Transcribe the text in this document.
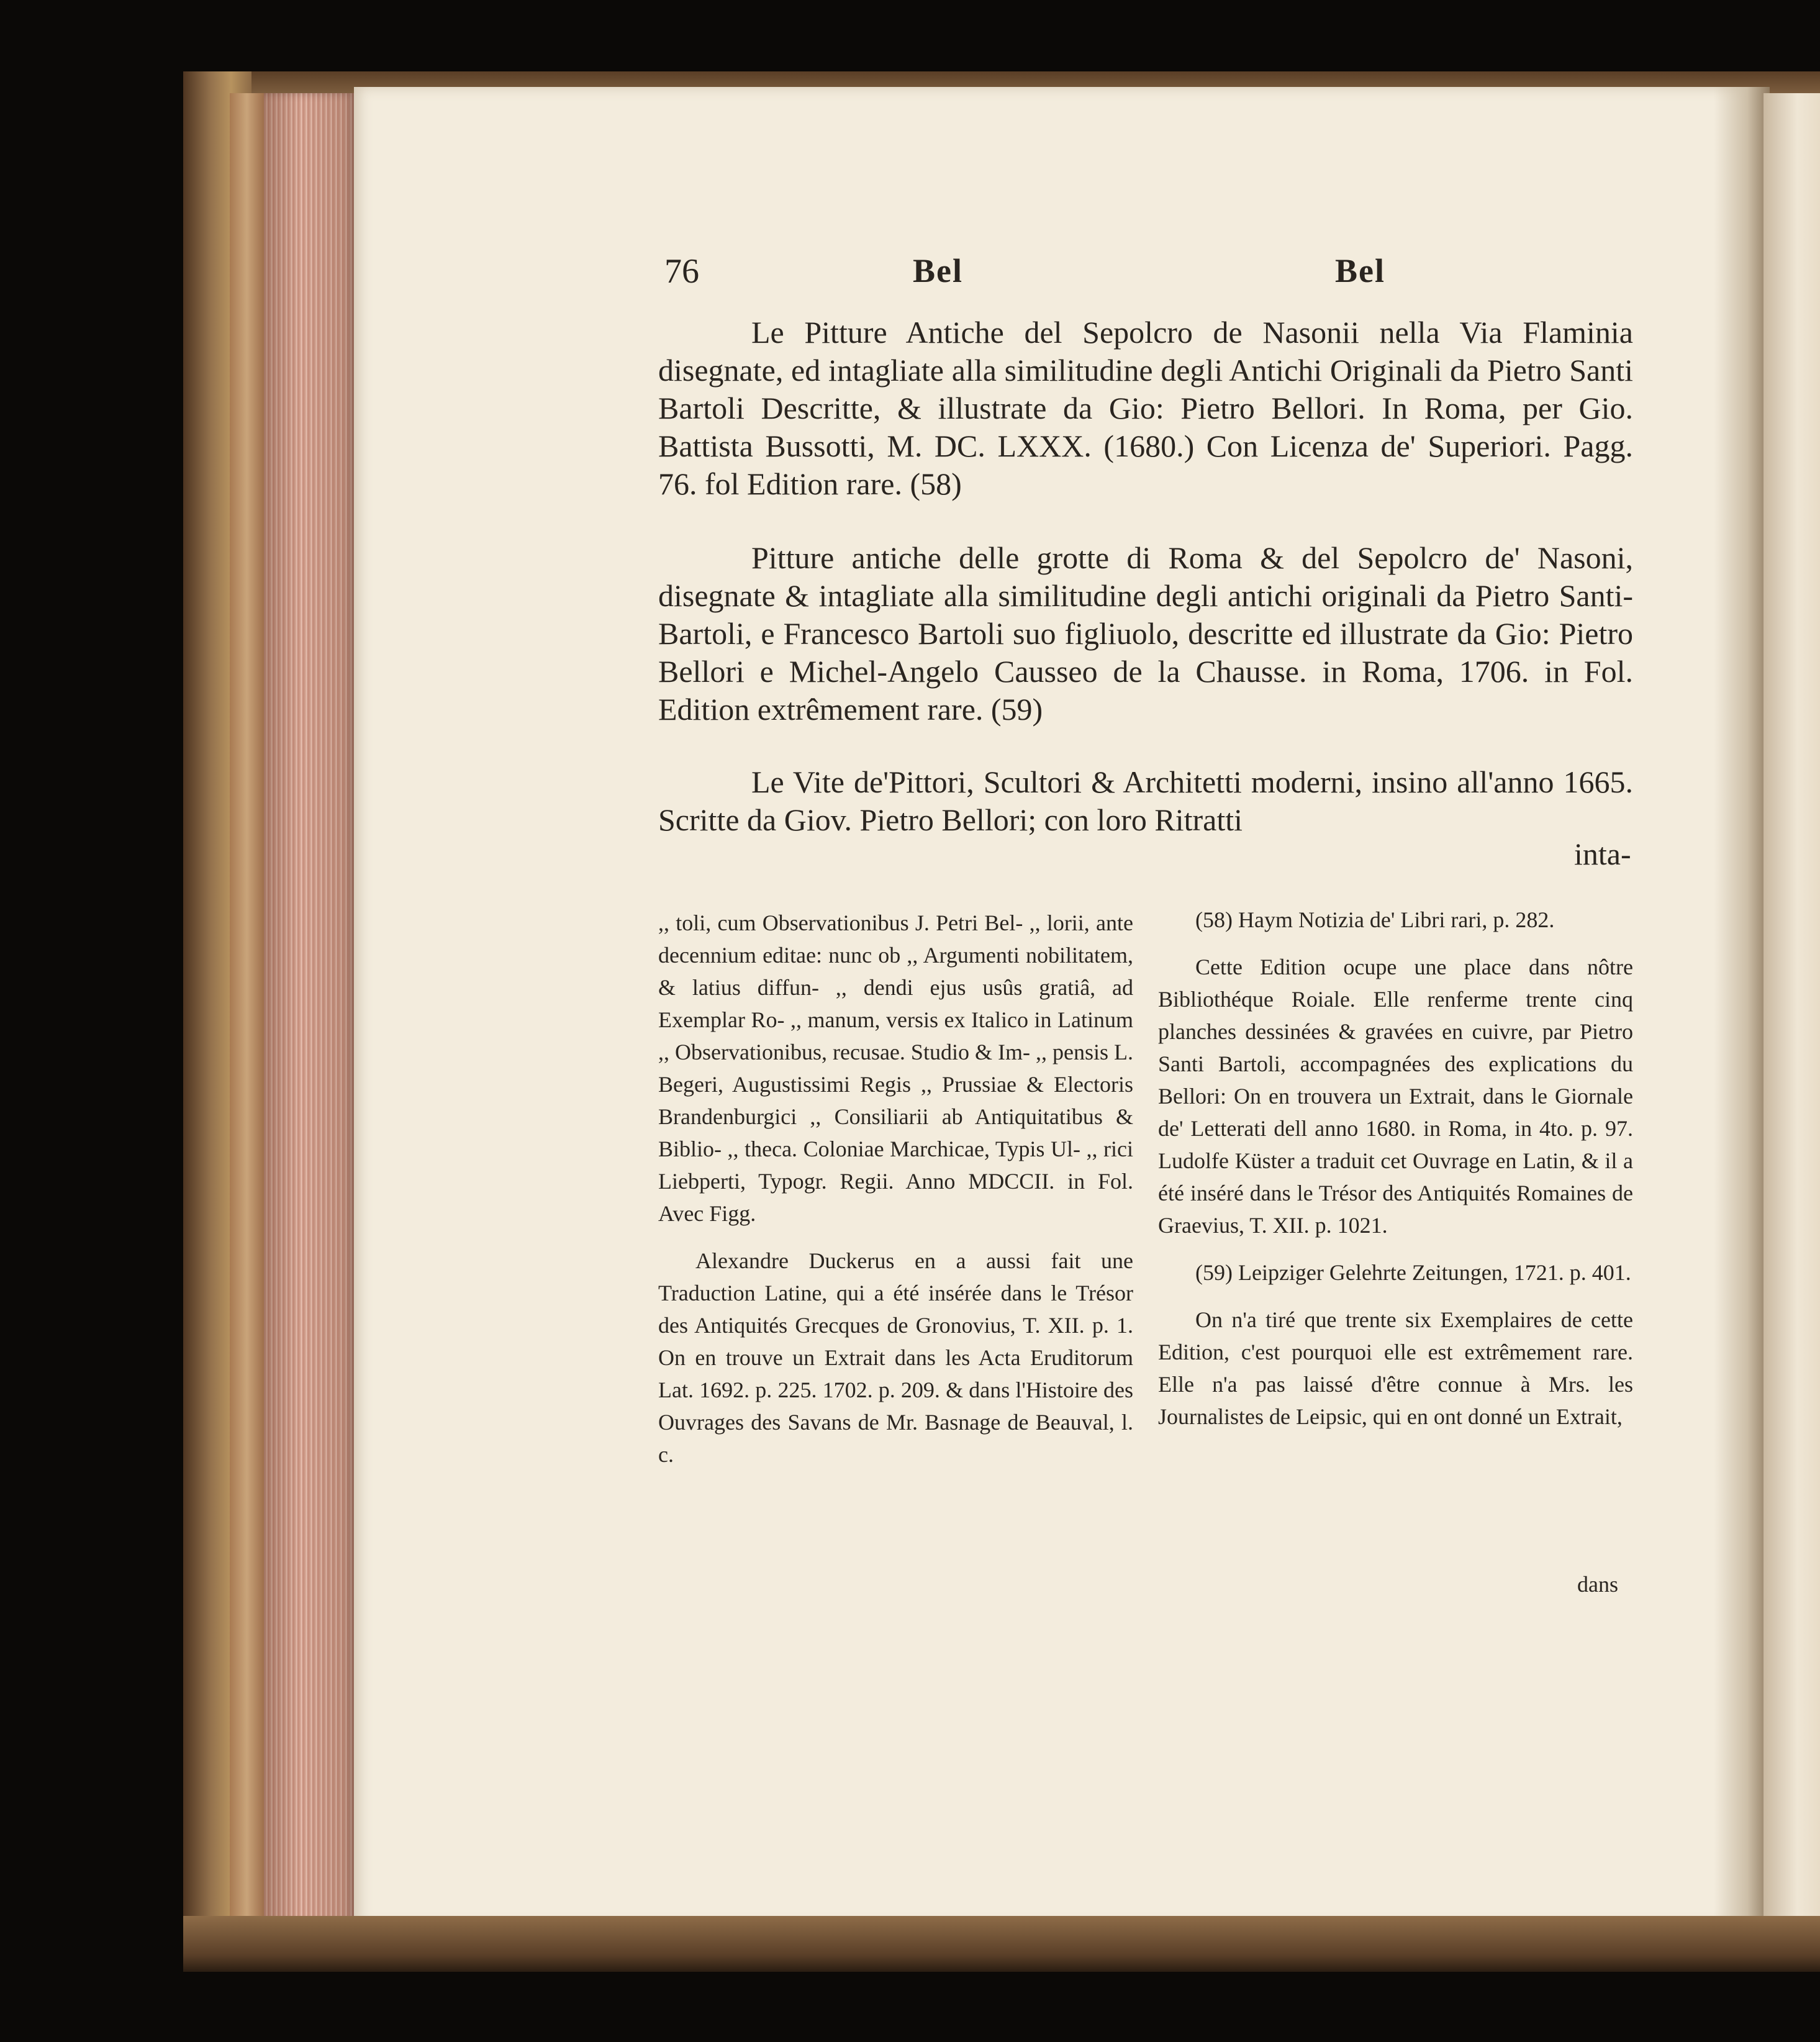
76	Bel	Bel

Le Pitture Antiche del Sepolcro de Nasonii nella Via Flaminia disegnate, ed intagliate alla similitudine degli Antichi Originali da Pietro Santi Bartoli Descritte, & illustrate da Gio: Pietro Bellori. In Roma, per Gio. Battista Bussotti, M. DC. LXXX. (1680.) Con Licenza de' Superiori. Pagg. 76. fol Edition rare. (58)

Pitture antiche delle grotte di Roma & del Sepolcro de' Nasoni, disegnate & intagliate alla similitudine degli antichi originali da Pietro Santi-Bartoli, e Francesco Bartoli suo figliuolo, descritte ed illustrate da Gio: Pietro Bellori e Michel-Angelo Causseo de la Chausse. in Roma, 1706. in Fol. Edition extrêmement rare. (59)

Le Vite de'Pittori, Scultori & Architetti moderni, insino all'anno 1665. Scritte da Giov. Pietro Bellori; con loro Ritratti

inta-

,, toli, cum Observationibus J. Petri Bel- ,, lorii, ante decennium editae: nunc ob ,, Argumenti nobilitatem, & latius diffun- ,, dendi ejus usûs gratiâ, ad Exemplar Ro- ,, manum, versis ex Italico in Latinum ,, Observationibus, recusae. Studio & Im- ,, pensis L. Begeri, Augustissimi Regis ,, Prussiae & Electoris Brandenburgici ,, Consiliarii ab Antiquitatibus & Biblio- ,, theca. Coloniae Marchicae, Typis Ul- ,, rici Liebperti, Typogr. Regii. Anno MDCCII. in Fol. Avec Figg.

Alexandre Duckerus en a aussi fait une Traduction Latine, qui a été insérée dans le Trésor des Antiquités Grecques de Gronovius, T. XII. p. 1. On en trouve un Extrait dans les Acta Eruditorum Lat. 1692. p. 225. 1702. p. 209. & dans l'Histoire des Ouvrages des Savans de Mr. Basnage de Beauval, l. c.

(58) Haym Notizia de' Libri rari, p. 282.

Cette Edition ocupe une place dans nôtre Bibliothéque Roiale. Elle renferme trente cinq planches dessinées & gravées en cuivre, par Pietro Santi Bartoli, accompagnées des explications du Bellori: On en trouvera un Extrait, dans le Giornale de' Letterati dell anno 1680. in Roma, in 4to. p. 97. Ludolfe Küster a traduit cet Ouvrage en Latin, & il a été inséré dans le Trésor des Antiquités Romaines de Graevius, T. XII. p. 1021.

(59) Leipziger Gelehrte Zeitungen, 1721. p. 401.

On n'a tiré que trente six Exemplaires de cette Edition, c'est pourquoi elle est extrêmement rare. Elle n'a pas laissé d'être connue à Mrs. les Journalistes de Leipsic, qui en ont donné un Extrait,

dans
